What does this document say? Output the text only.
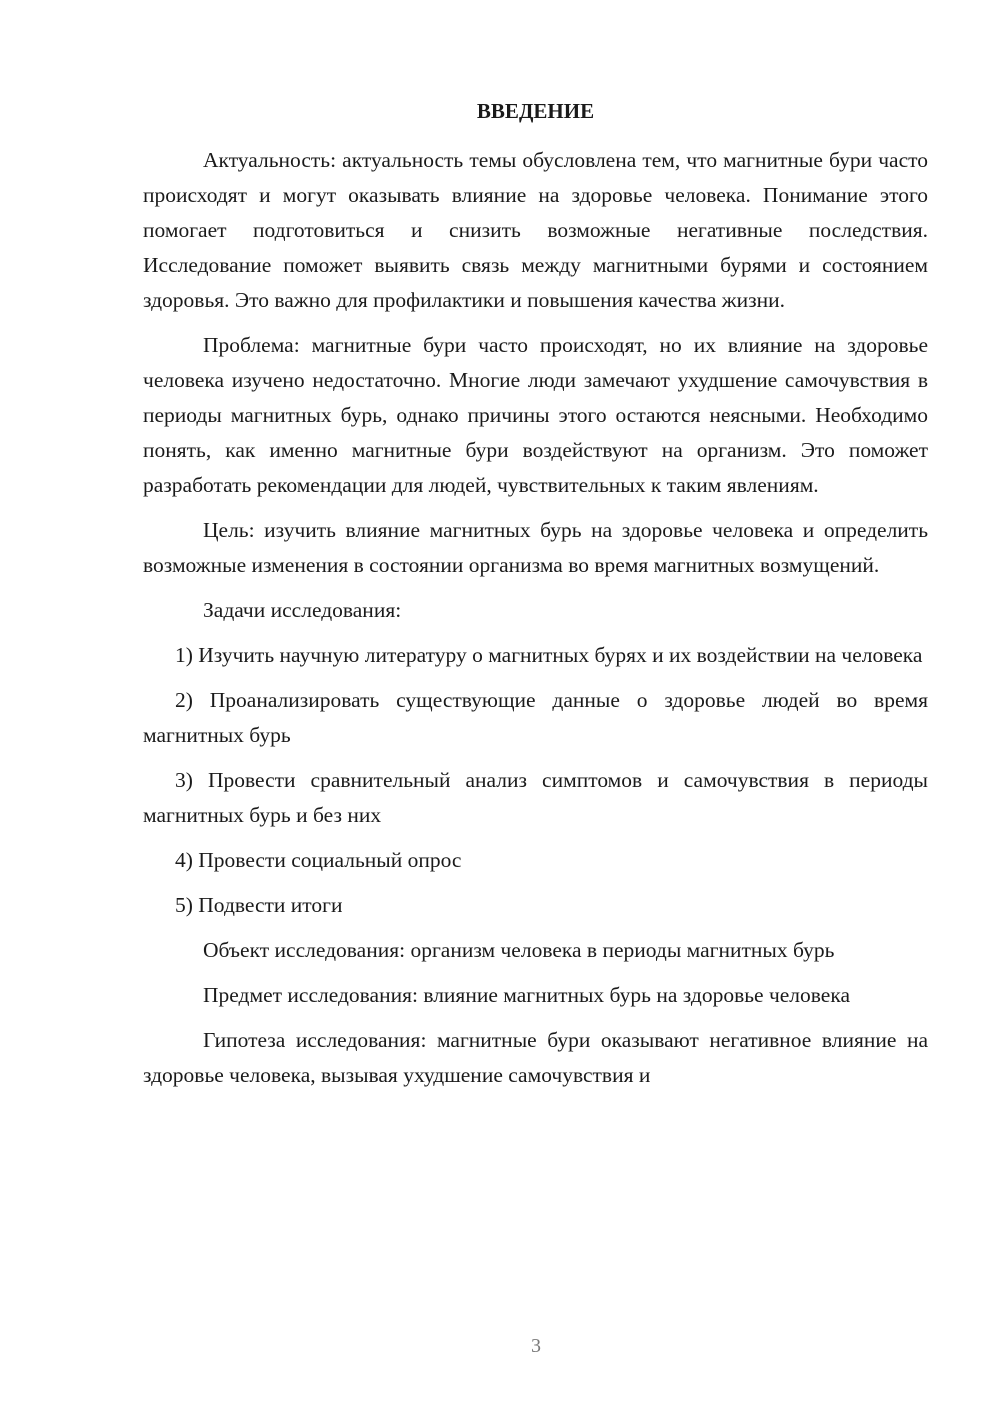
ВВЕДЕНИЕ

Актуальность: актуальность темы обусловлена тем, что магнитные бури часто происходят и могут оказывать влияние на здоровье человека. Понимание этого помогает подготовиться и снизить возможные негативные последствия. Исследование поможет выявить связь между магнитными бурями и состоянием здоровья. Это важно для профилактики и повышения качества жизни.

Проблема: магнитные бури часто происходят, но их влияние на здоровье человека изучено недостаточно. Многие люди замечают ухудшение самочувствия в периоды магнитных бурь, однако причины этого остаются неясными. Необходимо понять, как именно магнитные бури воздействуют на организм. Это поможет разработать рекомендации для людей, чувствительных к таким явлениям.

Цель: изучить влияние магнитных бурь на здоровье человека и определить возможные изменения в состоянии организма во время магнитных возмущений.

Задачи исследования:

1) Изучить научную литературу о магнитных бурях и их воздействии на человека

2) Проанализировать существующие данные о здоровье людей во время магнитных бурь

3) Провести сравнительный анализ симптомов и самочувствия в периоды магнитных бурь и без них

4) Провести социальный опрос

5) Подвести итоги

Объект исследования: организм человека в периоды магнитных бурь

Предмет исследования: влияние магнитных бурь на здоровье человека

Гипотеза исследования: магнитные бури оказывают негативное влияние на здоровье человека, вызывая ухудшение самочувствия и

3
